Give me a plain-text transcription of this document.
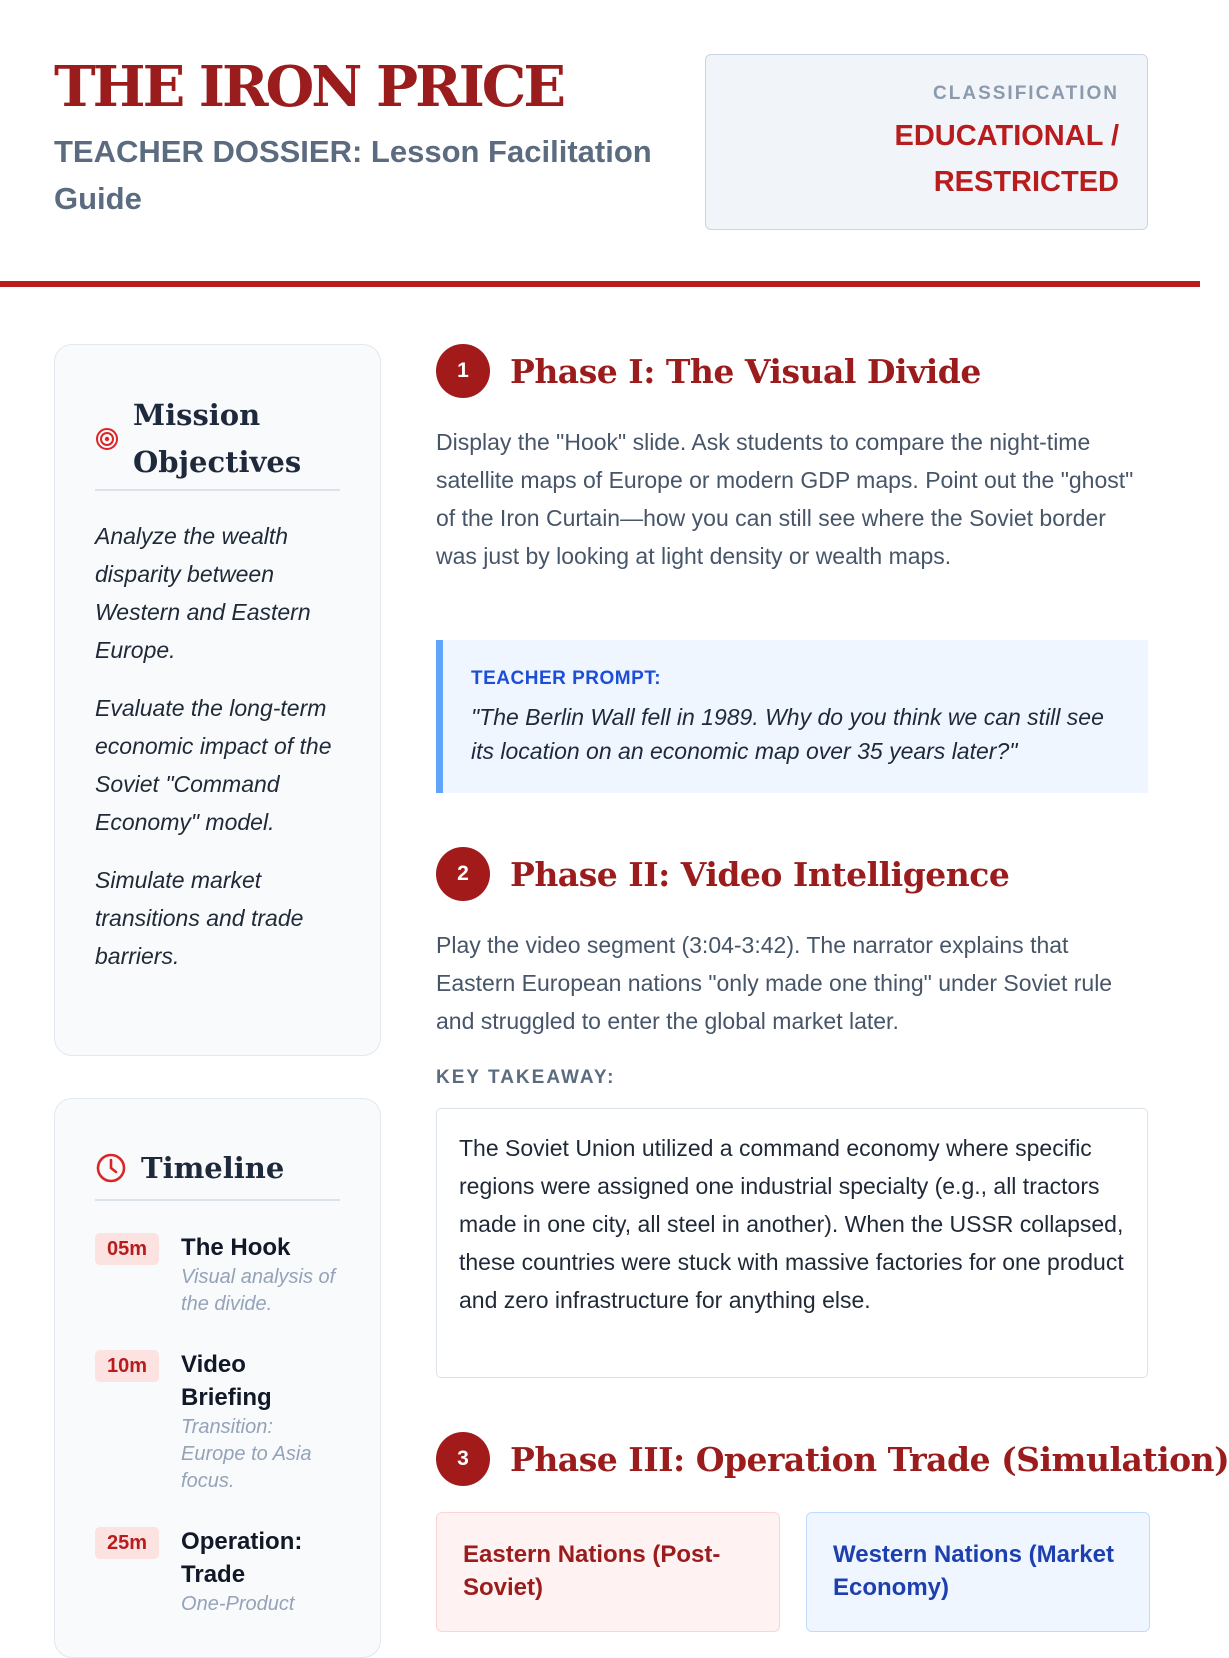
THE IRON PRICE
TEACHER DOSSIER: Lesson Facilitation Guide
CLASSIFICATION
EDUCATIONAL / RESTRICTED
Mission Objectives
Analyze the wealth disparity between Western and Eastern Europe.
Evaluate the long-term economic impact of the Soviet "Command Economy" model.
Simulate market transitions and trade barriers.
Timeline
05m	The Hook
Visual analysis of the divide.
10m	Video Briefing
Transition: Europe to Asia focus.
25m	Operation: Trade
One-Product
1	Phase I: The Visual Divide
Display the "Hook" slide. Ask students to compare the night-time satellite maps of Europe or modern GDP maps. Point out the "ghost" of the Iron Curtain—how you can still see where the Soviet border was just by looking at light density or wealth maps.
TEACHER PROMPT:
"The Berlin Wall fell in 1989. Why do you think we can still see its location on an economic map over 35 years later?"
2	Phase II: Video Intelligence
Play the video segment (3:04-3:42). The narrator explains that Eastern European nations "only made one thing" under Soviet rule and struggled to enter the global market later.
KEY TAKEAWAY:
The Soviet Union utilized a command economy where specific regions were assigned one industrial specialty (e.g., all tractors made in one city, all steel in another). When the USSR collapsed, these countries were stuck with massive factories for one product and zero infrastructure for anything else.
3	Phase III: Operation Trade (Simulation)
Eastern Nations (Post-Soviet)
Western Nations (Market Economy)
